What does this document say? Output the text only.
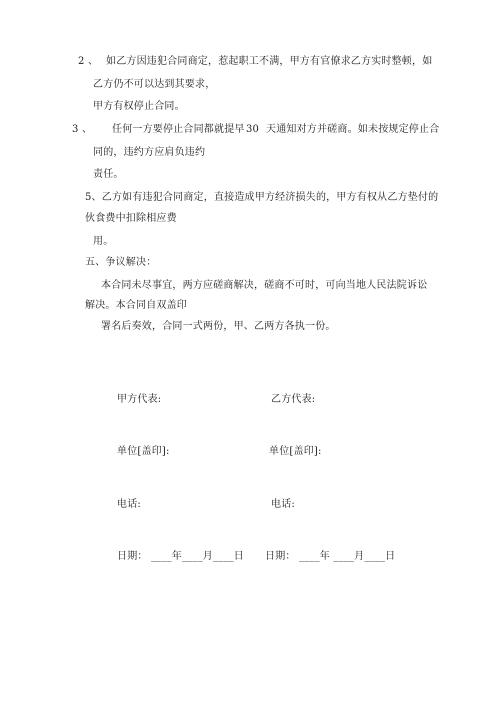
2 、 如乙方因违犯合同商定，惹起职工不满，甲方有官僚求乙方实时整顿，如
乙方仍不可以达到其要求，
甲方有权停止合同。
3 、 任何一方要停止合同都就提早 30 天通知对方并磋商。如未按规定停止合
同的，违约方应肩负违约
责任。
5、乙方如有违犯合同商定，直接造成甲方经济损失的，甲方有权从乙方垫付的
伙食费中扣除相应费
用。
五、争议解决：
本合同未尽事宜，两方应磋商解决，磋商不可时，可向当地人民法院诉讼
解决。本合同自双盖印
署名后奏效，合同一式两份，甲、乙两方各执一份。
甲方代表:	乙方代表:
单位[盖印]:	单位[盖印]:
电话:	电话:
日期： ____年____月____日 日期： ____年 ____月____日
